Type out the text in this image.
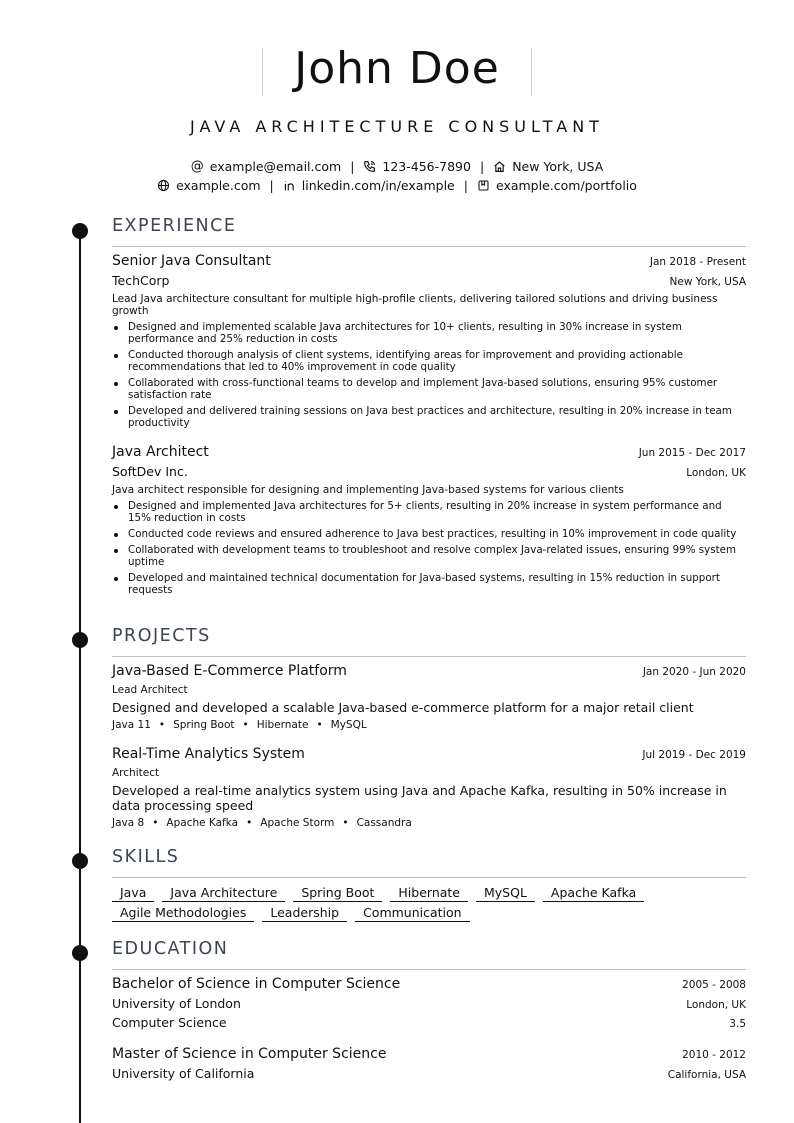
John Doe
JAVA ARCHITECTURE CONSULTANT
@ example@email.com | 123-456-7890 | New York, USA
example.com | linkedin.com/in/example | example.com/portfolio
EXPERIENCE
Senior Java Consultant	Jan 2018 - Present
TechCorp	New York, USA
Lead Java architecture consultant for multiple high-profile clients, delivering tailored solutions and driving business growth
Designed and implemented scalable Java architectures for 10+ clients, resulting in 30% increase in system performance and 25% reduction in costs
Conducted thorough analysis of client systems, identifying areas for improvement and providing actionable recommendations that led to 40% improvement in code quality
Collaborated with cross-functional teams to develop and implement Java-based solutions, ensuring 95% customer satisfaction rate
Developed and delivered training sessions on Java best practices and architecture, resulting in 20% increase in team productivity
Java Architect	Jun 2015 - Dec 2017
SoftDev Inc.	London, UK
Java architect responsible for designing and implementing Java-based systems for various clients
Designed and implemented Java architectures for 5+ clients, resulting in 20% increase in system performance and 15% reduction in costs
Conducted code reviews and ensured adherence to Java best practices, resulting in 10% improvement in code quality
Collaborated with development teams to troubleshoot and resolve complex Java-related issues, ensuring 99% system uptime
Developed and maintained technical documentation for Java-based systems, resulting in 15% reduction in support requests
PROJECTS
Java-Based E-Commerce Platform	Jan 2020 - Jun 2020
Lead Architect
Designed and developed a scalable Java-based e-commerce platform for a major retail client
Java 11 • Spring Boot • Hibernate • MySQL
Real-Time Analytics System	Jul 2019 - Dec 2019
Architect
Developed a real-time analytics system using Java and Apache Kafka, resulting in 50% increase in data processing speed
Java 8 • Apache Kafka • Apache Storm • Cassandra
SKILLS
Java	Java Architecture	Spring Boot	Hibernate	MySQL	Apache Kafka
Agile Methodologies	Leadership	Communication
EDUCATION
Bachelor of Science in Computer Science	2005 - 2008
University of London	London, UK
Computer Science	3.5
Master of Science in Computer Science	2010 - 2012
University of California	California, USA
